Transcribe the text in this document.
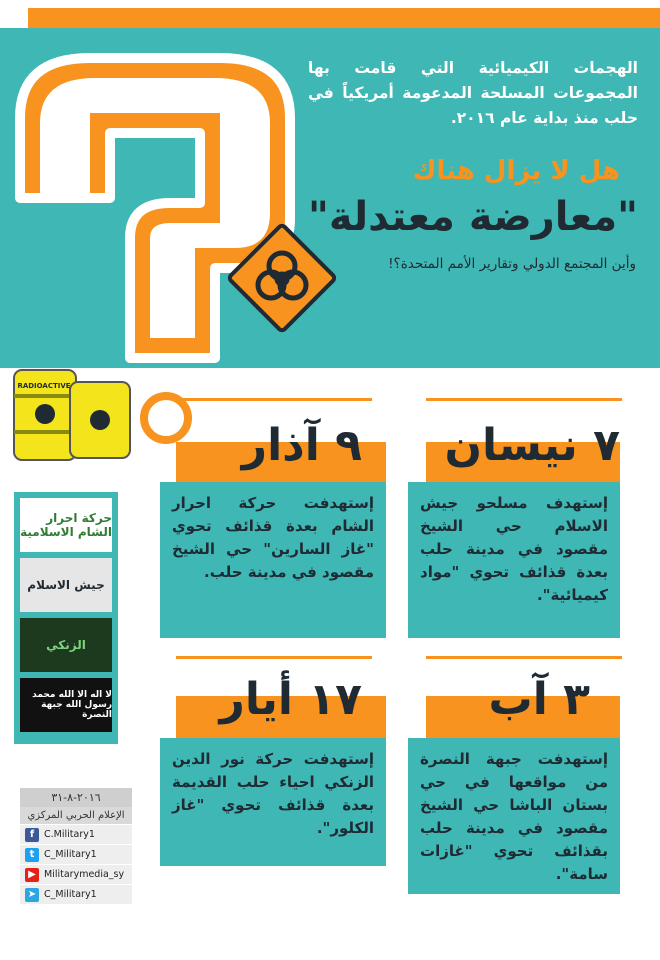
الهجمات الكيميائية التي قامت بها المجموعات المسلحة المدعومة أمريكياً في حلب منذ بداية عام ٢٠١٦.
هل لا يزال هناك
"معارضة معتدلة"
وأين المجتمع الدولي وتقارير الأمم المتحدة؟!
RADIOACTIVE
٧ نيسان
إستهدف مسلحو جيش الاسلام حي الشيخ مقصود في مدينة حلب بعدة قذائف تحوي "مواد كيميائية".
٩ آذار
إستهدفت حركة احرار الشام بعدة قذائف تحوي "غاز السارين" حي الشيخ مقصود في مدينة حلب.
٣ آب
إستهدفت جبهة النصرة من مواقعها في حي بستان الباشا حي الشيخ مقصود في مدينة حلب بقذائف تحوي "غازات سامة".
١٧ أيار
إستهدفت حركة نور الدين الزنكي احياء حلب القديمة بعدة قذائف تحوي "غاز الكلور".
حركة احرار الشام الاسلامية
جيش الاسلام
الزنكي
لا اله الا الله محمد رسول الله جبهة النصرة
٢٠١٦-٨-٣١
الإعلام الحربي المركزي
f	C.Military1
t	C_Military1
▶ Militarymedia_sy
➤ C_Military1
